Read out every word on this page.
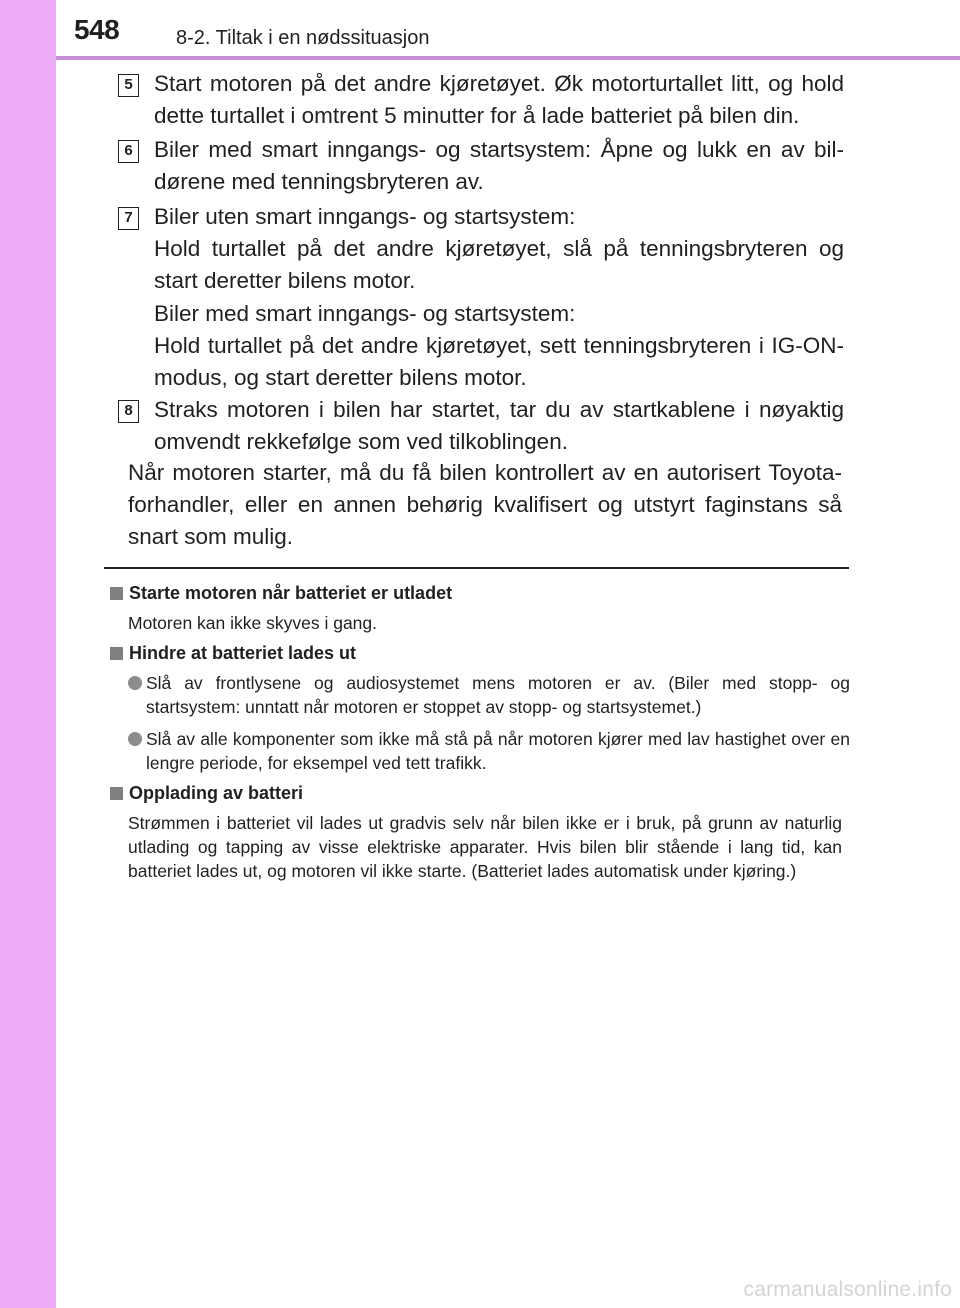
548	8-2. Tiltak i en nødssituasjon
5 Start motoren på det andre kjøretøyet. Øk motorturtallet litt, og hold dette turtallet i omtrent 5 minutter for å lade batteriet på bilen din.
6 Biler med smart inngangs- og startsystem: Åpne og lukk en av bil-dørene med tenningsbryteren av.
7 Biler uten smart inngangs- og startsystem:
Hold turtallet på det andre kjøretøyet, slå på tenningsbryteren og start deretter bilens motor.
Biler med smart inngangs- og startsystem:
Hold turtallet på det andre kjøretøyet, sett tenningsbryteren i IG-ON-modus, og start deretter bilens motor.
8 Straks motoren i bilen har startet, tar du av startkablene i nøyaktig omvendt rekkefølge som ved tilkoblingen.
Når motoren starter, må du få bilen kontrollert av en autorisert Toyota-forhandler, eller en annen behørig kvalifisert og utstyrt faginstans så snart som mulig.
Starte motoren når batteriet er utladet
Motoren kan ikke skyves i gang.
Hindre at batteriet lades ut
Slå av frontlysene og audiosystemet mens motoren er av. (Biler med stopp- og startsystem: unntatt når motoren er stoppet av stopp- og startsystemet.)
Slå av alle komponenter som ikke må stå på når motoren kjører med lav hastighet over en lengre periode, for eksempel ved tett trafikk.
Opplading av batteri
Strømmen i batteriet vil lades ut gradvis selv når bilen ikke er i bruk, på grunn av naturlig utlading og tapping av visse elektriske apparater. Hvis bilen blir stående i lang tid, kan batteriet lades ut, og motoren vil ikke starte. (Batteriet lades automatisk under kjøring.)
carmanualsonline.info
